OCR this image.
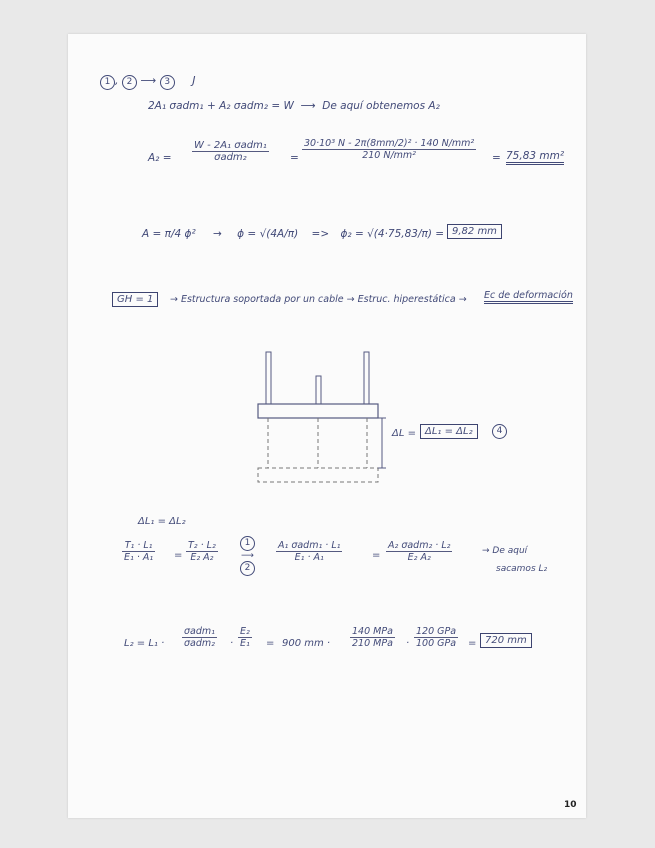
1 , 2 ⟶ 3 J
2A₁ σadm₁ + A₂ σadm₂ = W  ⟶  De aquí obtenemos A₂
A₂ =
W - 2A₁ σadm₁
σadm₂	= $\frac{\text{30·10³ N - 2π(8mm/2)² · 140 N/mm²}}{\text{210 N/mm²}} = 75,83$ mm²
A = π/4 ϕ² → ϕ = √(4A/π) => ϕ₂ = √(4·75,83/π) = 9,82 mm
GH = 1	→ Estructura soportada por un cable → Estruc. hiperestática → Ec de deformación
ΔL = ΔL₁ = ΔL₂	4
ΔL₁ = ΔL₂
$\frac{\text{T₁ · L₁}}{\text{E₁ · A₁}} = \frac{\text{T₂ · L₂}}{\text{E₂ A₂}}$	1
⟶
2
A₁ σadm₁ · L₁
E₁ · A₁	=
A₂ σadm₂ · L₂
E₂ A₂
→ De aquí
sacamos L₂
L₂ = L₁ ·
σadm₁
$\sigma adm_2 \cdot \frac{\text{E₂}}{\text{E₁}} = 900$ mm ·
140 MPa
210 MPa ·
120 GPa
100 GPa = 720 mm
10
